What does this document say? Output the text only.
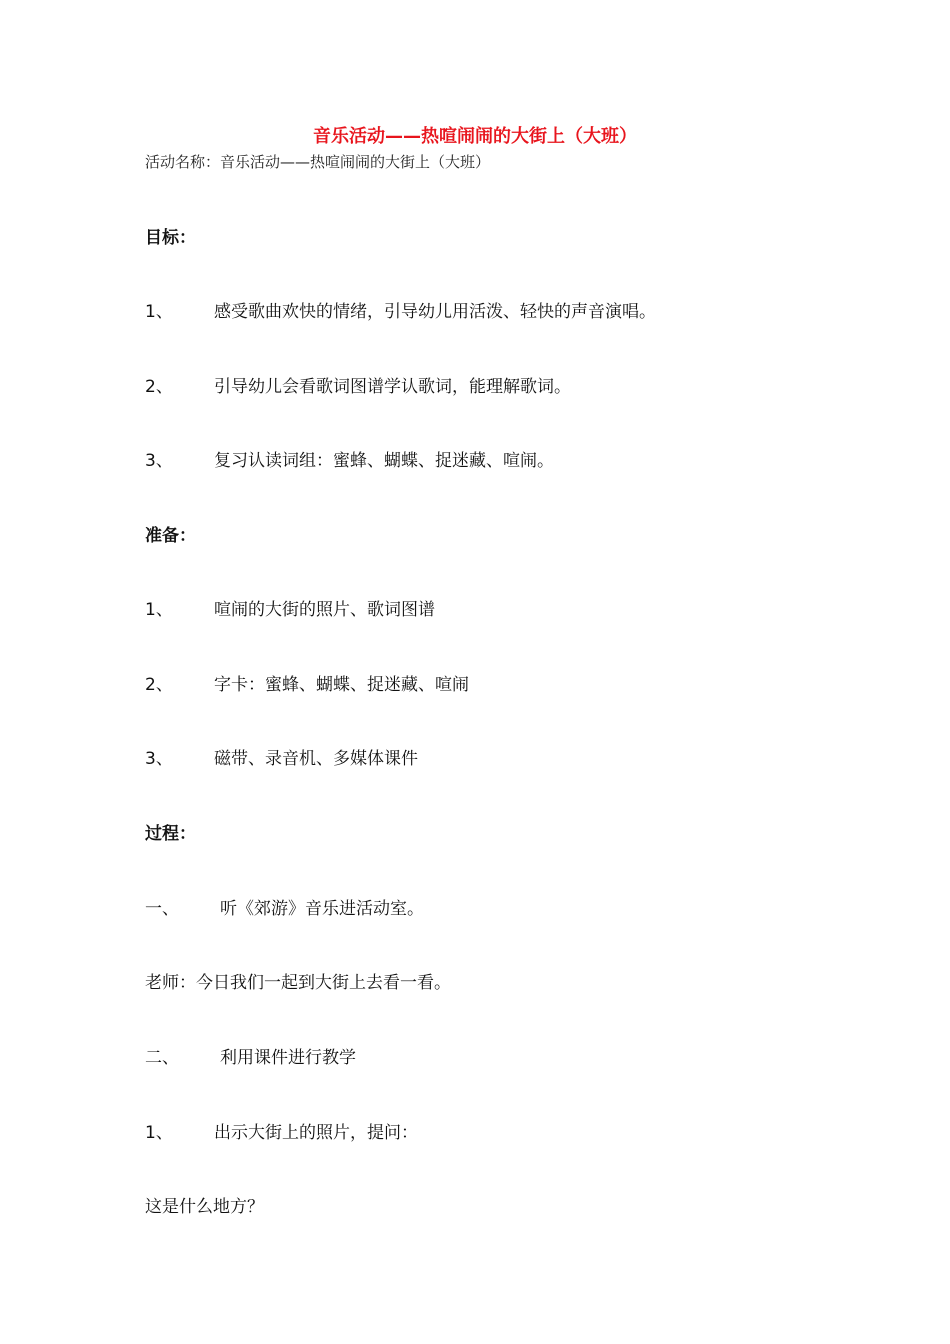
音乐活动——热喧闹闹的大街上（大班）
活动名称：音乐活动——热喧闹闹的大街上（大班）
目标：
1、 感受歌曲欢快的情绪，引导幼儿用活泼、轻快的声音演唱。
2、 引导幼儿会看歌词图谱学认歌词，能理解歌词。
3、 复习认读词组：蜜蜂、蝴蝶、捉迷藏、喧闹。
准备：
1、 喧闹的大街的照片、歌词图谱
2、 字卡：蜜蜂、蝴蝶、捉迷藏、喧闹
3、 磁带、录音机、多媒体课件
过程：
一、 听《郊游》音乐进活动室。
老师：今日我们一起到大街上去看一看。
二、 利用课件进行教学
1、 出示大街上的照片，提问：
这是什么地方？
